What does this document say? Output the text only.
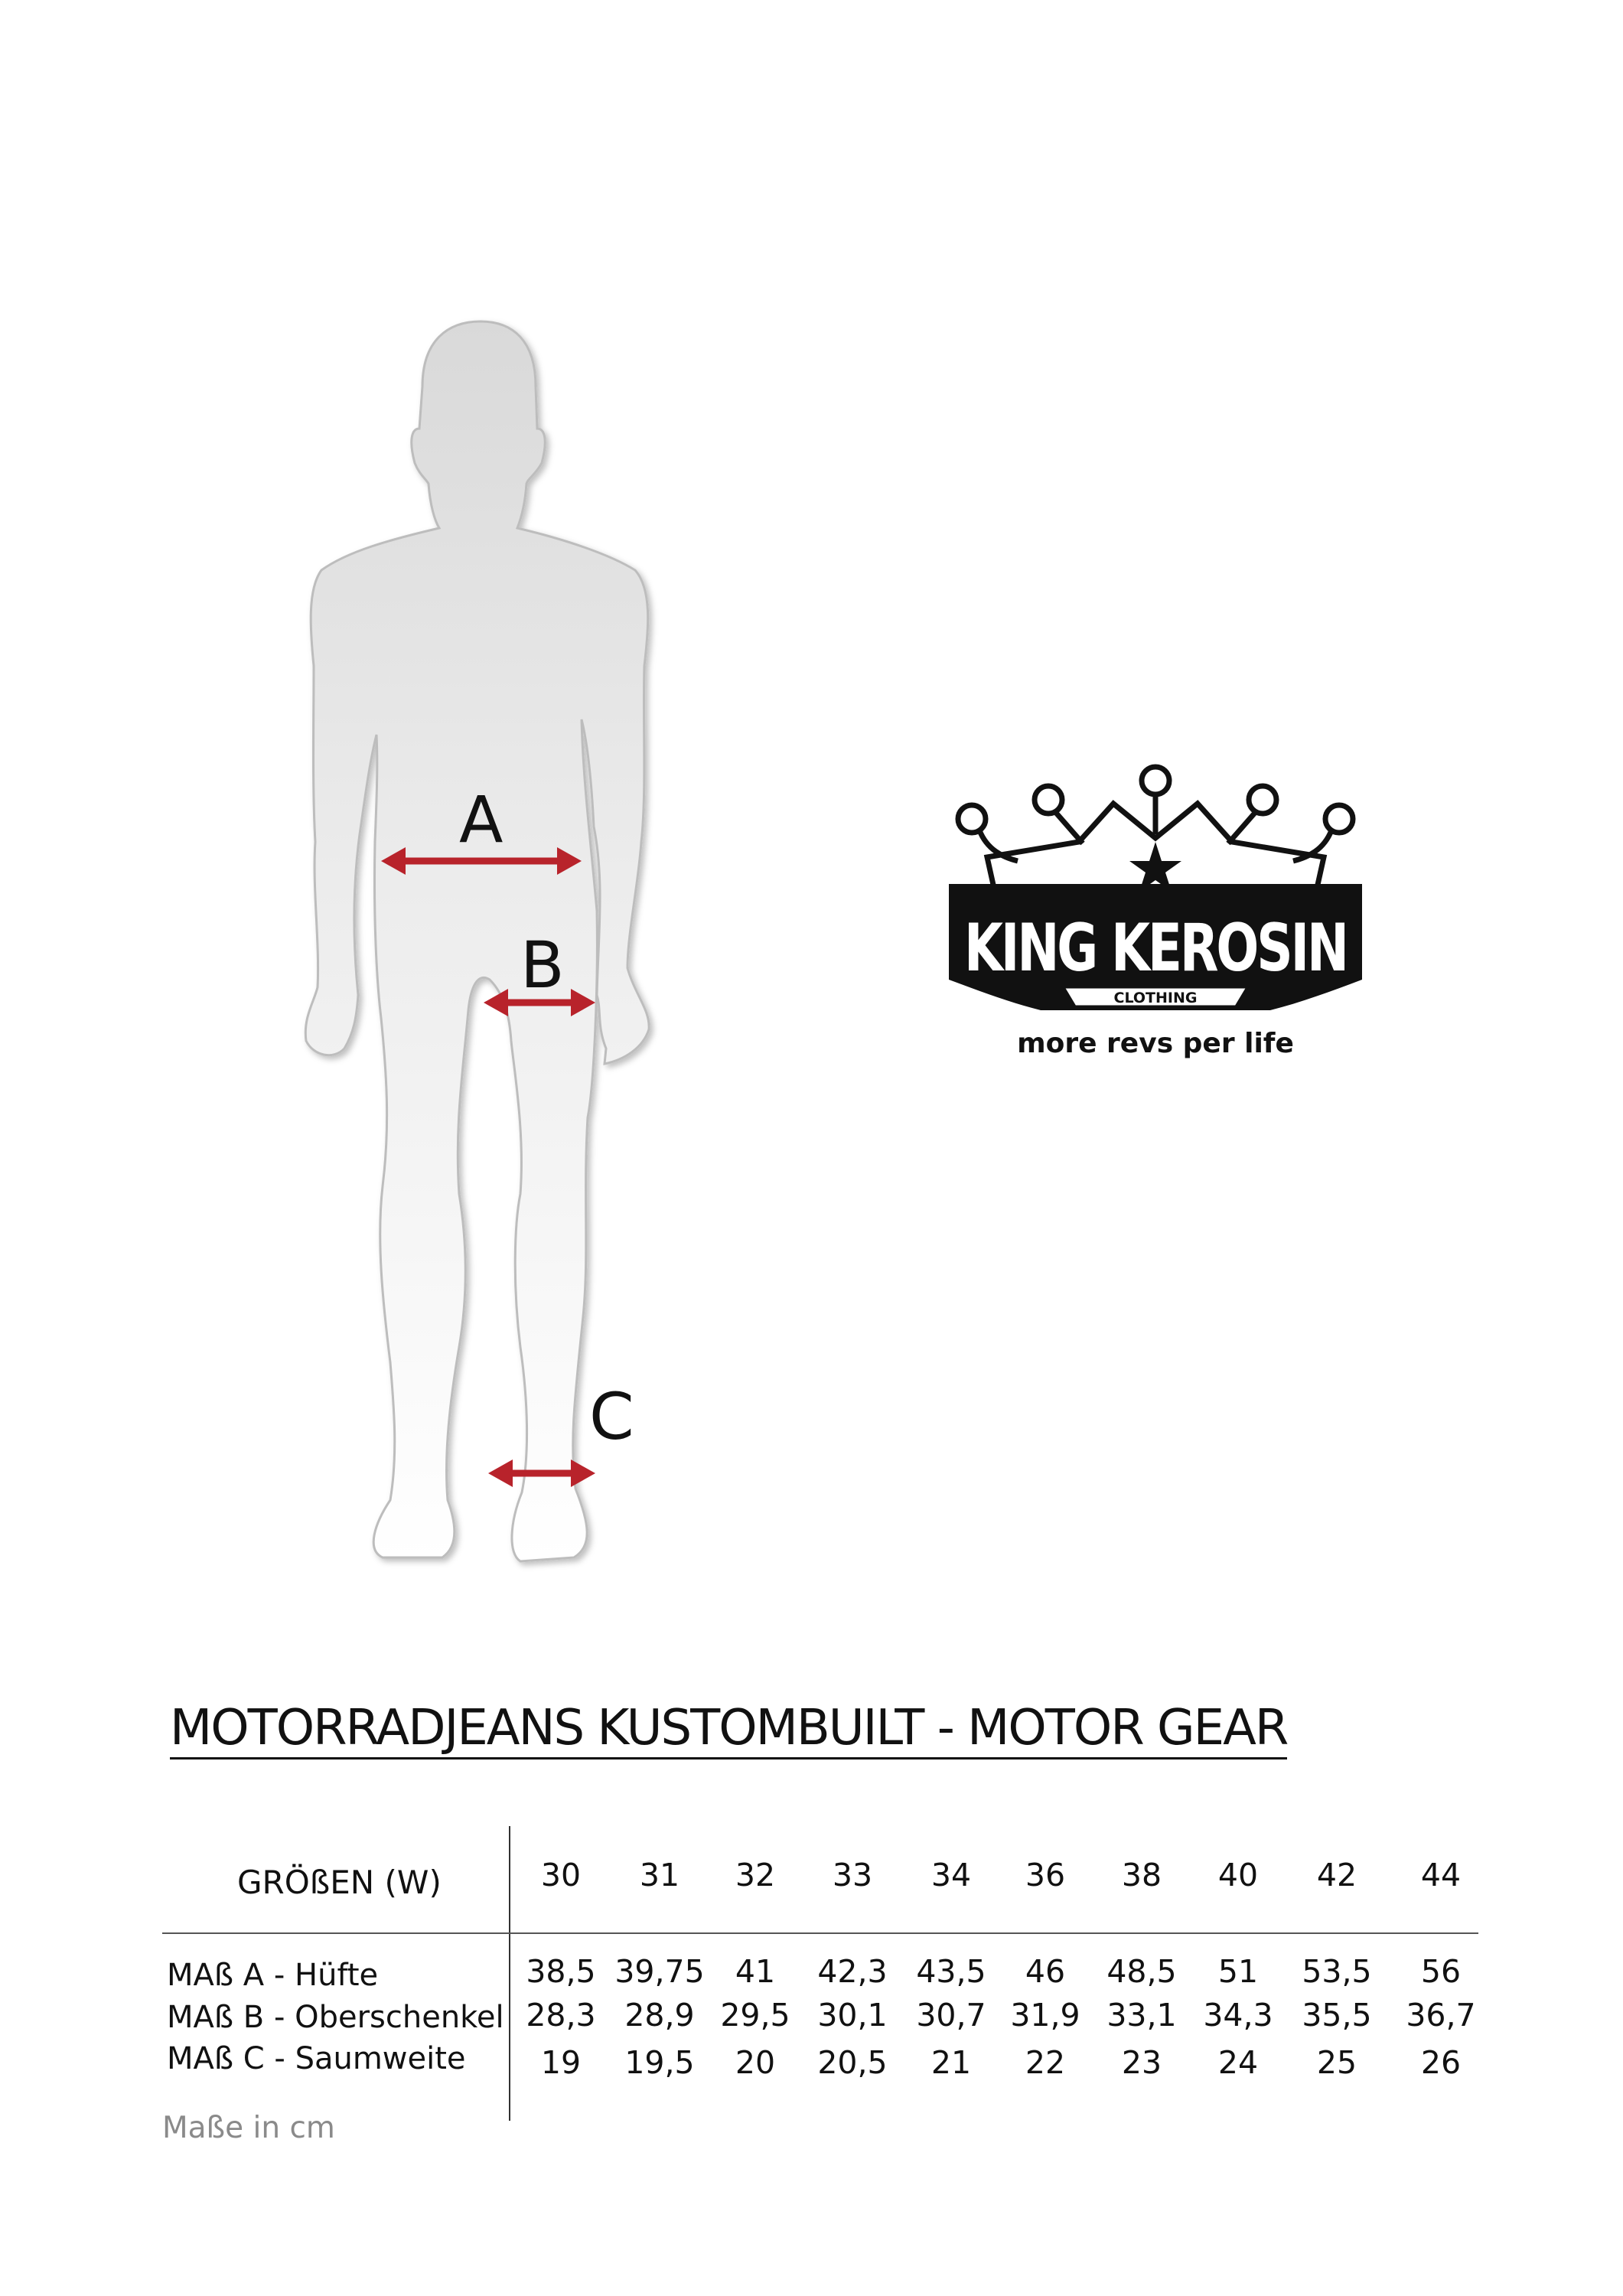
A
B
C
KING KEROSIN
CLOTHING
more revs per life
MOTORRADJEANS KUSTOMBUILT - MOTOR GEAR
GRÖßEN (W)	30 31 32 33 34 36 38 40 42 44
MAß A - Hüfte	38,5 39,75 41 42,3 43,5 46 48,5 51 53,5 56
MAß B - Oberschenkel 28,3 28,9 29,5 30,1 30,7 31,9 33,1 34,3 35,5 36,7
MAß C - Saumweite 19 19,5 20 20,5 21 22 23 24 25 26
Maße in cm
